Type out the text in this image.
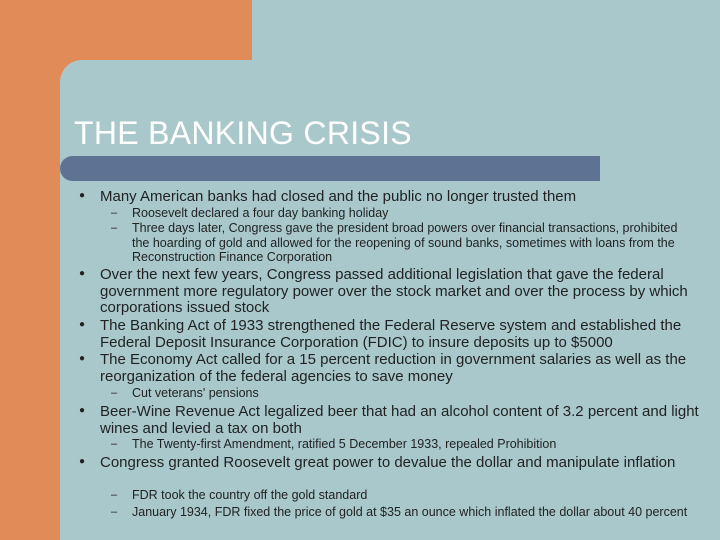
THE BANKING CRISIS
● Many American banks had closed and the public no longer trusted them
– Roosevelt declared a four day banking holiday
– Three days later, Congress gave the president broad powers over financial transactions, prohibited the hoarding of gold and allowed for the reopening of sound banks, sometimes with loans from the Reconstruction Finance Corporation
● Over the next few years, Congress passed additional legislation that gave the federal government more regulatory power over the stock market and over the process by which corporations issued stock
● The Banking Act of 1933 strengthened the Federal Reserve system and established the Federal Deposit Insurance Corporation (FDIC) to insure deposits up to $5000
● The Economy Act called for a 15 percent reduction in government salaries as well as the reorganization of the federal agencies to save money
– Cut veterans' pensions
● Beer-Wine Revenue Act legalized beer that had an alcohol content of 3.2 percent and light wines and levied a tax on both
– The Twenty-first Amendment, ratified 5 December 1933, repealed Prohibition
● Congress granted Roosevelt great power to devalue the dollar and manipulate inflation
– FDR took the country off the gold standard
– January 1934, FDR fixed the price of gold at $35 an ounce which inflated the dollar about 40 percent
